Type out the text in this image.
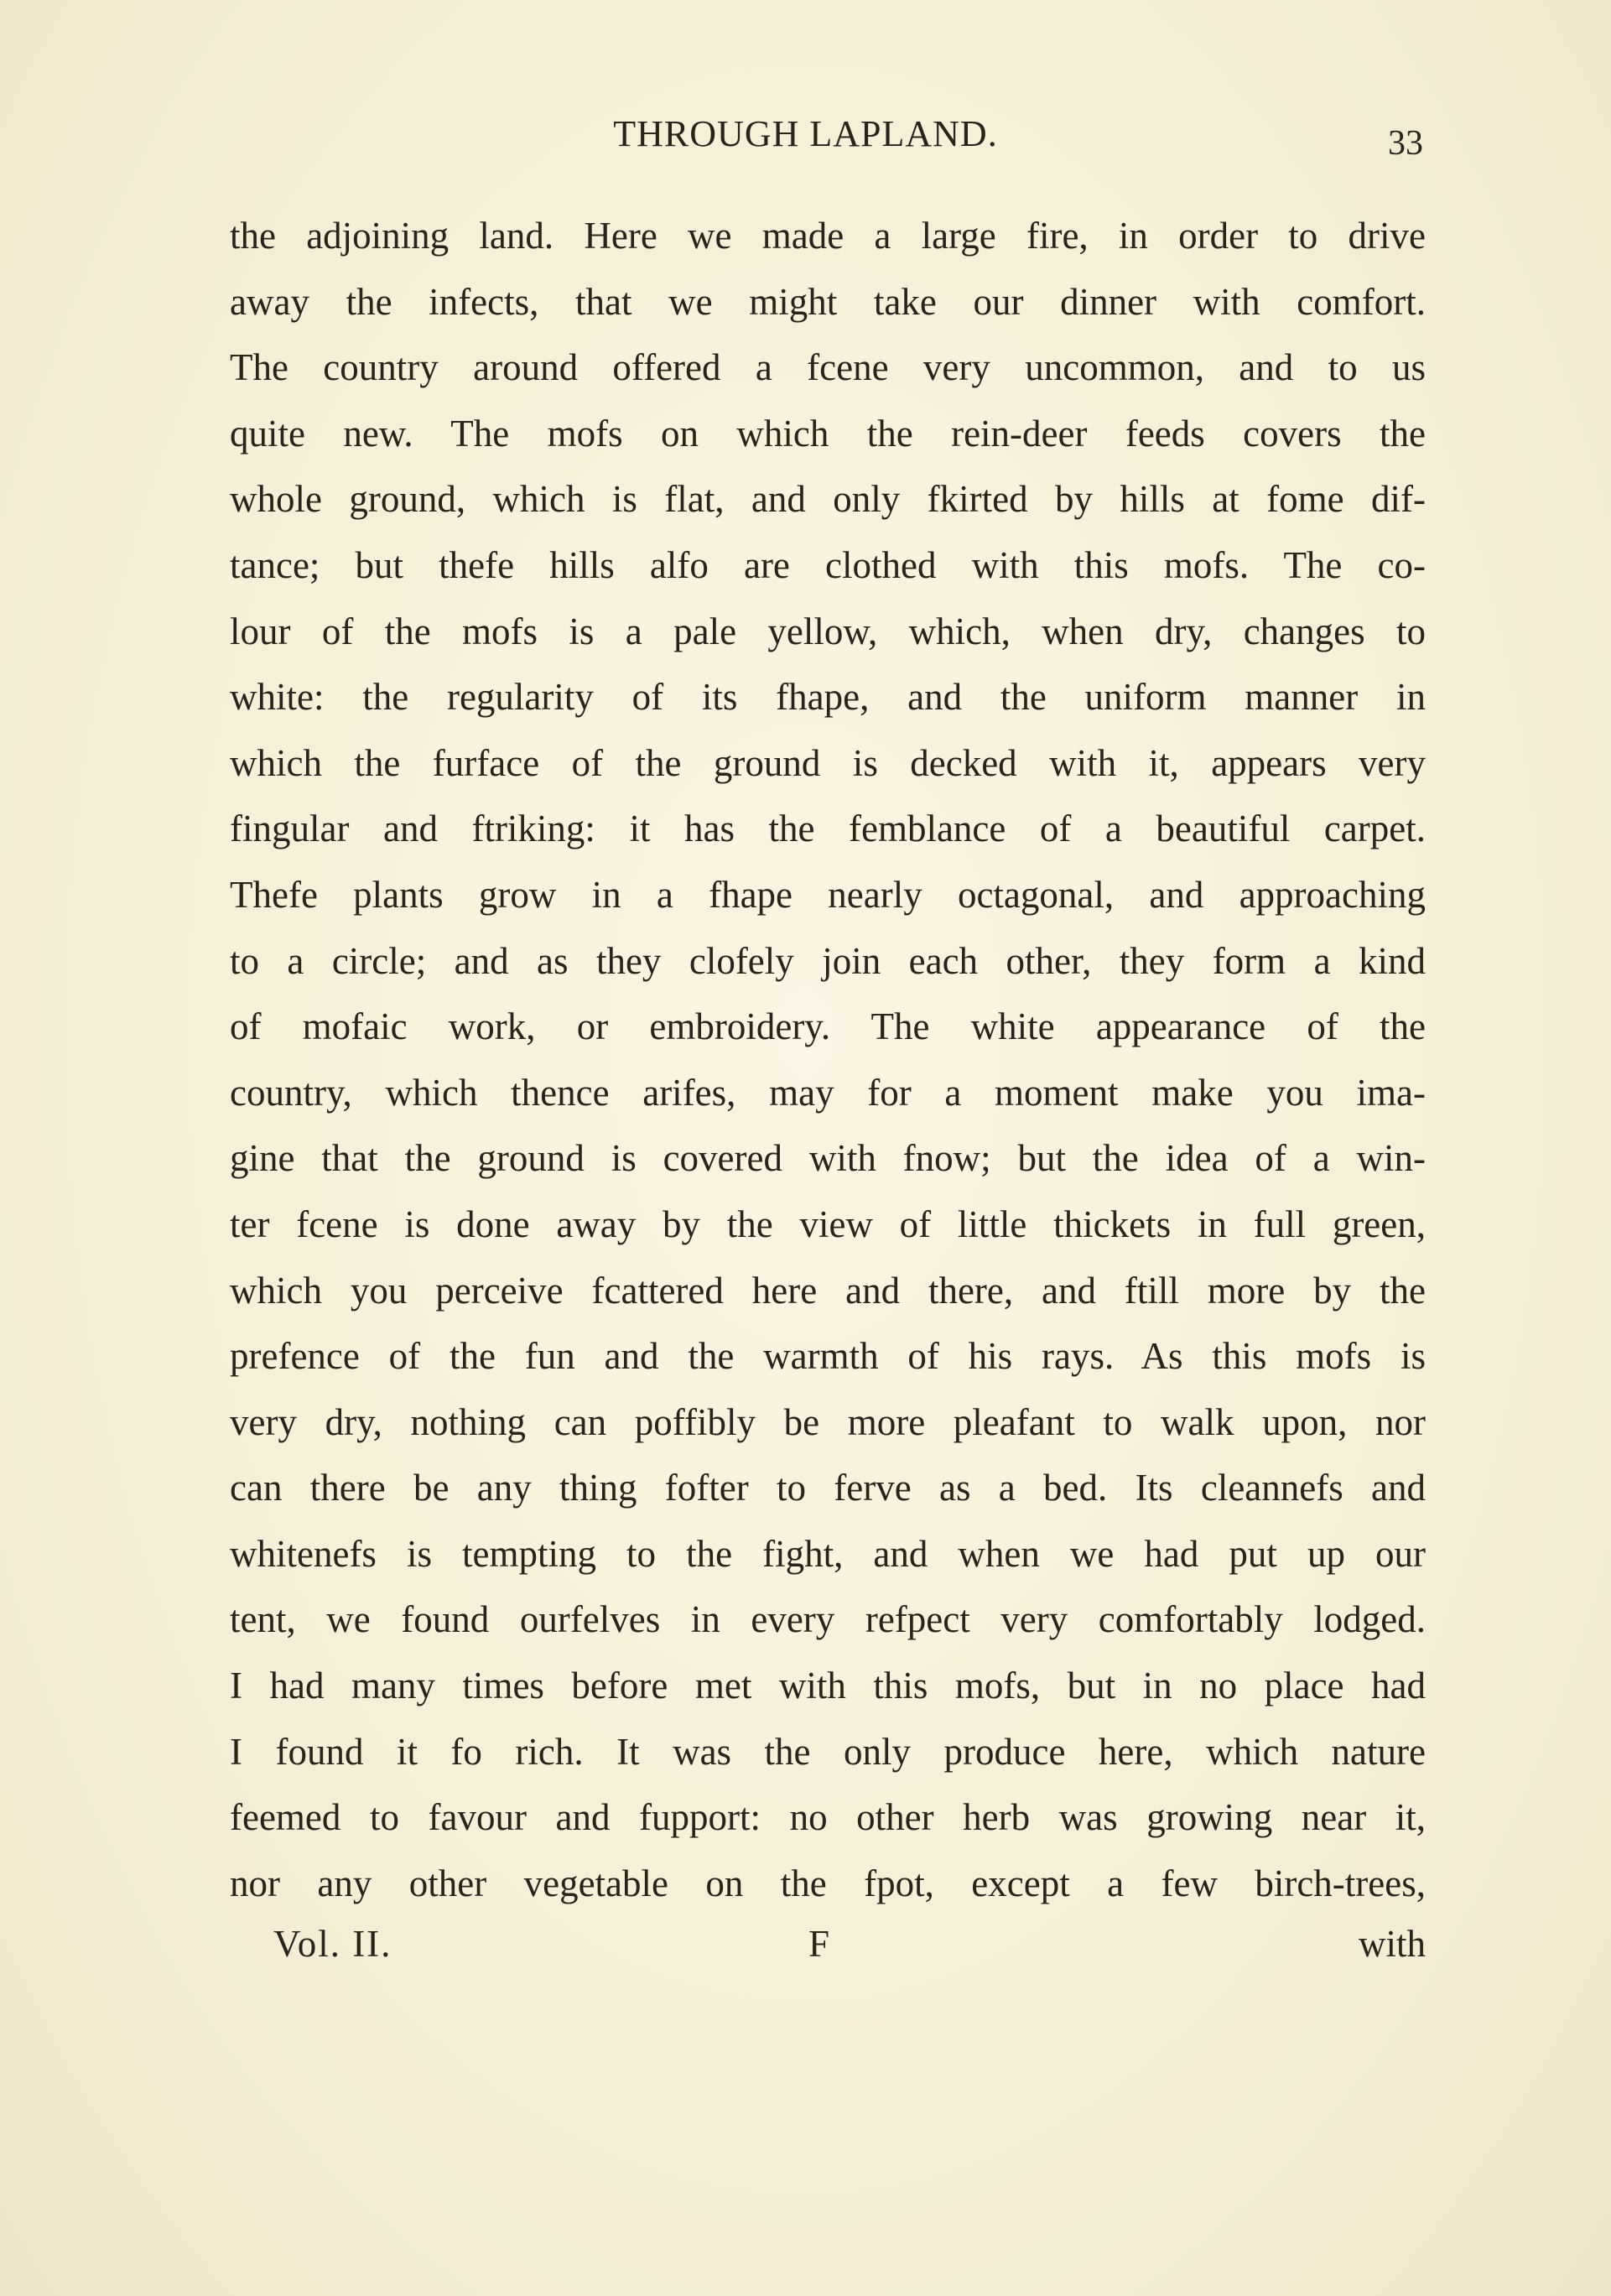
THROUGH LAPLAND.	33
the adjoining land. Here we made a large fire, in order to drive
away the infects, that we might take our dinner with comfort.
The country around offered a fcene very uncommon, and to us
quite new. The mofs on which the rein-deer feeds covers the
whole ground, which is flat, and only fkirted by hills at fome dif-
tance; but thefe hills alfo are clothed with this mofs. The co-
lour of the mofs is a pale yellow, which, when dry, changes to
white: the regularity of its fhape, and the uniform manner in
which the furface of the ground is decked with it, appears very
fingular and ftriking: it has the femblance of a beautiful carpet.
Thefe plants grow in a fhape nearly octagonal, and approaching
to a circle; and as they clofely join each other, they form a kind
of mofaic work, or embroidery. The white appearance of the
country, which thence arifes, may for a moment make you ima-
gine that the ground is covered with fnow; but the idea of a win-
ter fcene is done away by the view of little thickets in full green,
which you perceive fcattered here and there, and ftill more by the
prefence of the fun and the warmth of his rays. As this mofs is
very dry, nothing can poffibly be more pleafant to walk upon, nor
can there be any thing fofter to ferve as a bed. Its cleannefs and
whitenefs is tempting to the fight, and when we had put up our
tent, we found ourfelves in every refpect very comfortably lodged.
I had many times before met with this mofs, but in no place had
I found it fo rich. It was the only produce here, which nature
feemed to favour and fupport: no other herb was growing near it,
nor any other vegetable on the fpot, except a few birch-trees,
Vol. II.	F	with
